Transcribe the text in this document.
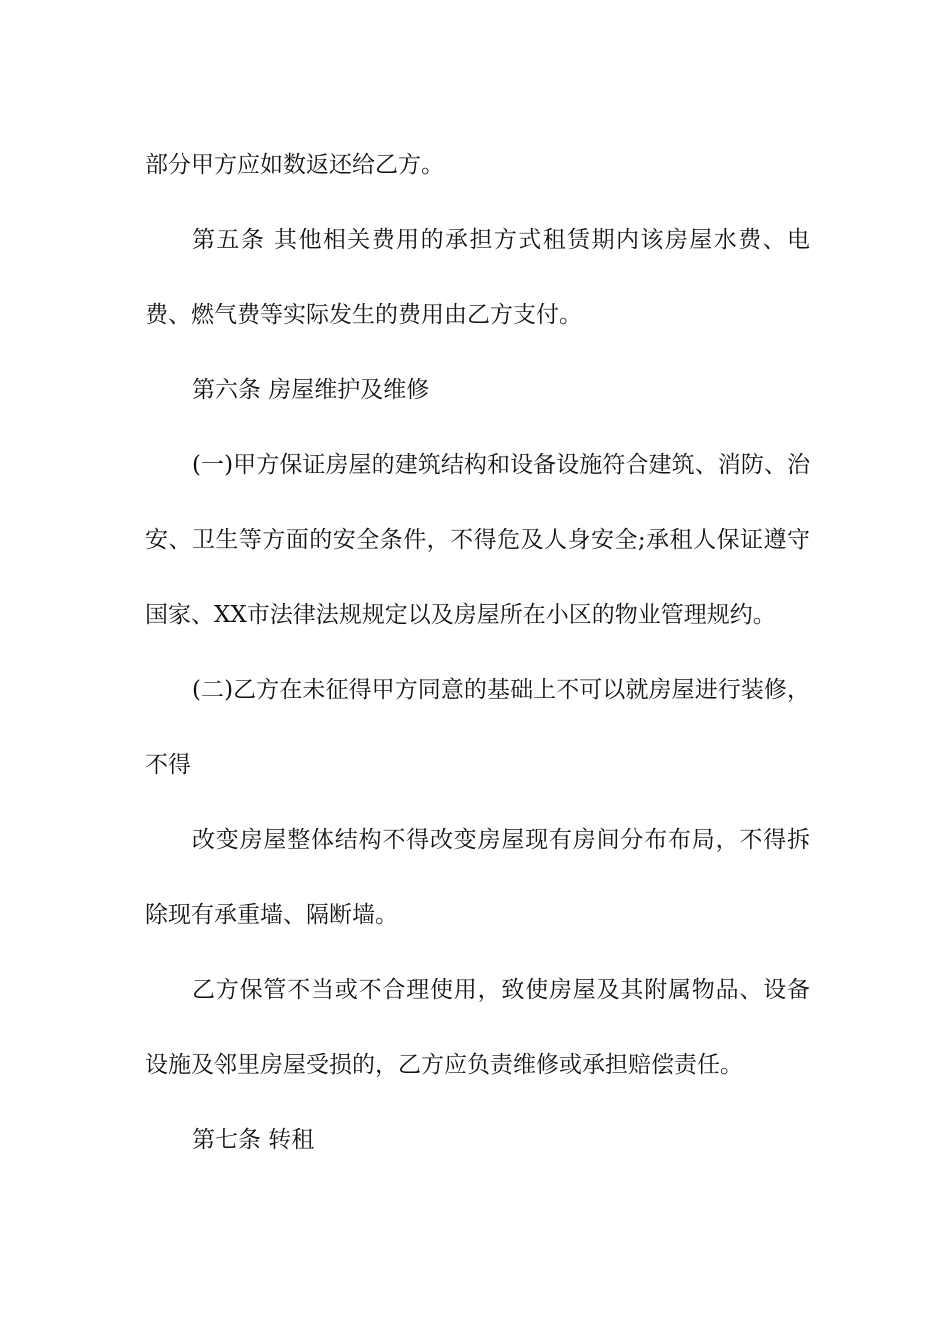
部分甲方应如数返还给乙方。

第五条 其他相关费用的承担方式租赁期内该房屋水费、电费、燃气费等实际发生的费用由乙方支付。

第六条 房屋维护及维修

(一)甲方保证房屋的建筑结构和设备设施符合建筑、消防、治安、卫生等方面的安全条件，不得危及人身安全;承租人保证遵守国家、XX市法律法规规定以及房屋所在小区的物业管理规约。

(二)乙方在未征得甲方同意的基础上不可以就房屋进行装修，不得

改变房屋整体结构不得改变房屋现有房间分布布局，不得拆除现有承重墙、隔断墙。

乙方保管不当或不合理使用，致使房屋及其附属物品、设备设施及邻里房屋受损的，乙方应负责维修或承担赔偿责任。

第七条 转租
